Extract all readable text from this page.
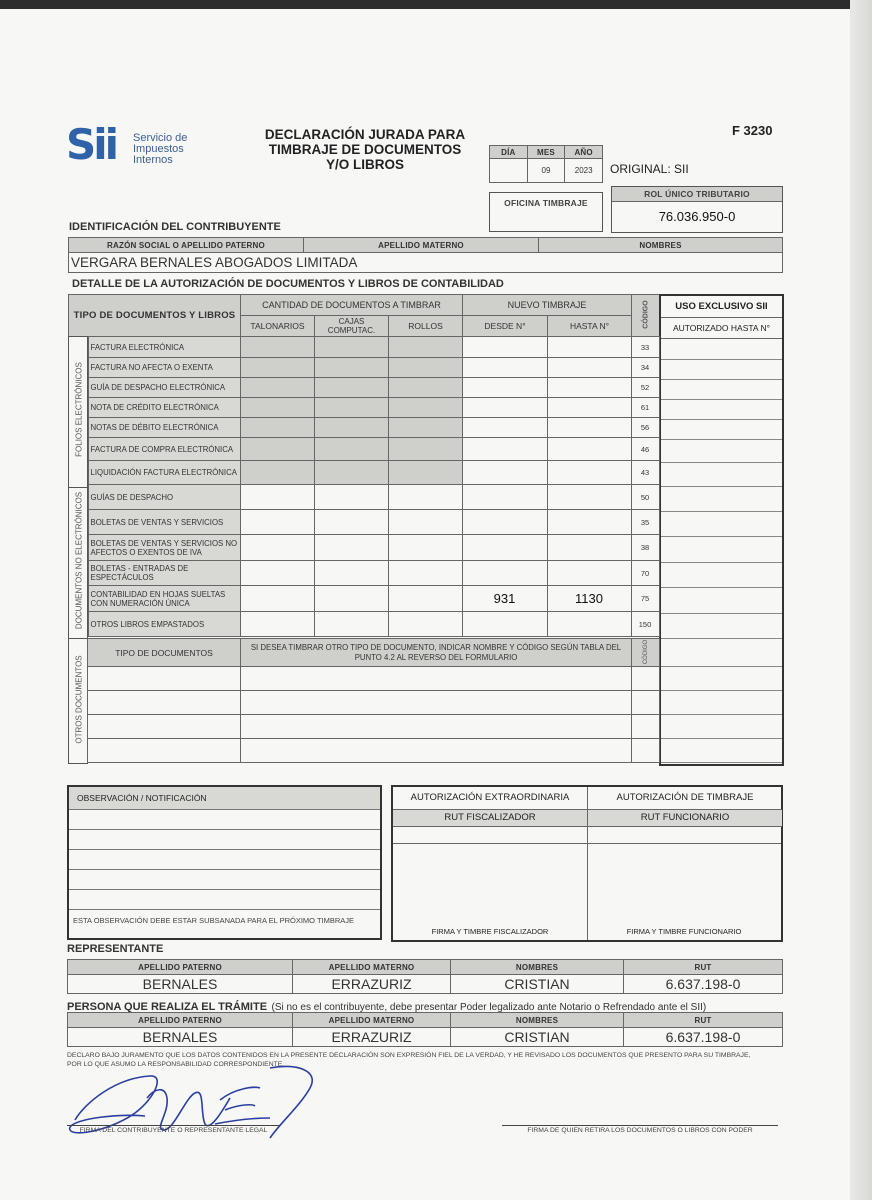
Sii Servicio de
Impuestos
Internos
DECLARACIÓN JURADA PARA
TIMBRAJE DE DOCUMENTOS
Y/O LIBROS
F 3230
DÍA	MES	AÑO
	09	2023 ORIGINAL: SII
OFICINA TIMBRAJE
ROL ÚNICO TRIBUTARIO
76.036.950-0
IDENTIFICACIÓN DEL CONTRIBUYENTE
RAZÓN SOCIAL O APELLIDO PATERNO	APELLIDO MATERNO	NOMBRES
VERGARA BERNALES ABOGADOS LIMITADA
DETALLE DE LA AUTORIZACIÓN DE DOCUMENTOS Y LIBROS DE CONTABILIDAD
TIPO DE DOCUMENTOS Y LIBROS	CANTIDAD DE DOCUMENTOS A TIMBRAR			NUEVO TIMBRAJE		CÓDIGO

	TALONARIOS	CAJAS COMPUTAC.	ROLLOS	DESDE N°	HASTA N°	
USO EXCLUSIVO SII
AUTORIZADO HASTA N°
	FACTURA ELECTRÓNICA						33
	FACTURA NO AFECTA O EXENTA						34
	GUÍA DE DESPACHO ELECTRÓNICA						52
	NOTA DE CRÉDITO ELECTRÓNICA						61
	NOTAS DE DÉBITO ELECTRÓNICA						56
	FACTURA DE COMPRA ELECTRÓNICA						46
	LIQUIDACIÓN FACTURA ELECTRÓNICA						43
	GUÍAS DE DESPACHO						50
	BOLETAS DE VENTAS Y SERVICIOS						35
	BOLETAS DE VENTAS Y SERVICIOS NO AFECTOS O EXENTOS DE IVA						38
	BOLETAS - ENTRADAS DE ESPECTÁCULOS						70
	CONTABILIDAD EN HOJAS SUELTAS CON NUMERACIÓN ÚNICA				931	1130	75
	OTROS LIBROS EMPASTADOS						150
FOLIOS ELECTRÓNICOS
DOCUMENTOS NO ELECTRÓNICOS
OTROS DOCUMENTOS
TIPO DE DOCUMENTOS	SI DESEA TIMBRAR OTRO TIPO DE DOCUMENTO, INDICAR NOMBRE Y CÓDIGO SEGÚN TABLA DEL PUNTO 4.2 AL REVERSO DEL FORMULARIO	CÓDIGO

OBSERVACIÓN / NOTIFICACIÓN
ESTA OBSERVACIÓN DEBE ESTAR SUBSANADA PARA EL PRÓXIMO TIMBRAJE
AUTORIZACIÓN EXTRAORDINARIA	AUTORIZACIÓN DE TIMBRAJE
RUT FISCALIZADOR	RUT FUNCIONARIO
FIRMA Y TIMBRE FISCALIZADOR	FIRMA Y TIMBRE FUNCIONARIO
REPRESENTANTE
APELLIDO PATERNO	APELLIDO MATERNO	NOMBRES	RUT
BERNALES	ERRAZURIZ	CRISTIAN	6.637.198-0
PERSONA QUE REALIZA EL TRÁMITE (Si no es el contribuyente, debe presentar Poder legalizado ante Notario o Refrendado ante el SII)
APELLIDO PATERNO	APELLIDO MATERNO	NOMBRES	RUT
BERNALES	ERRAZURIZ	CRISTIAN	6.637.198-0
DECLARO BAJO JURAMENTO QUE LOS DATOS CONTENIDOS EN LA PRESENTE DECLARACIÓN SON EXPRESIÓN FIEL DE LA VERDAD, Y HE REVISADO LOS DOCUMENTOS QUE PRESENTO PARA SU TIMBRAJE,
POR LO QUE ASUMO LA RESPONSABILIDAD CORRESPONDIENTE.
FIRMA DEL CONTRIBUYENTE O REPRESENTANTE LEGAL	FIRMA DE QUIEN RETIRA LOS DOCUMENTOS O LIBROS CON PODER
